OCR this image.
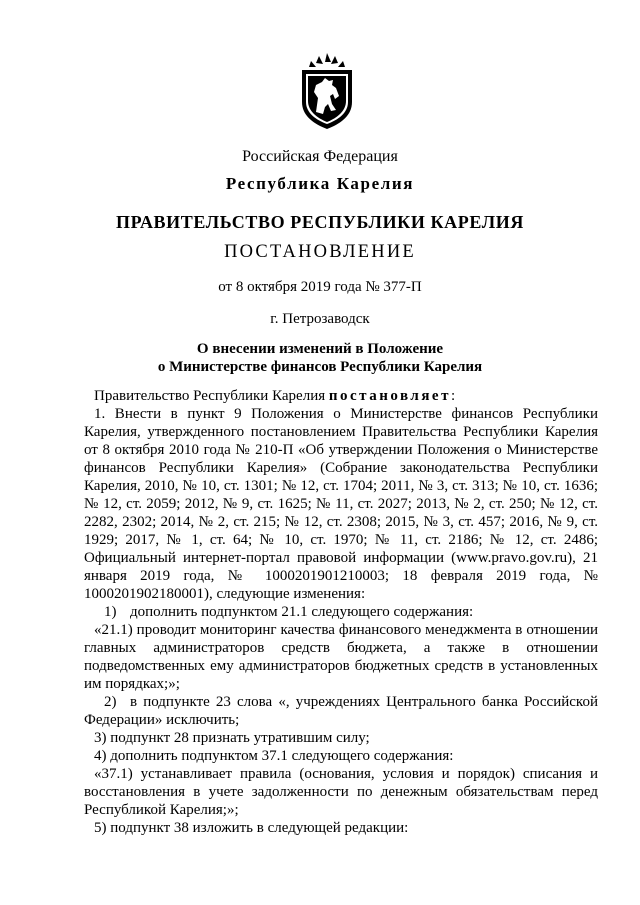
Российская Федерация
Республика Карелия
ПРАВИТЕЛЬСТВО РЕСПУБЛИКИ КАРЕЛИЯ
ПОСТАНОВЛЕНИЕ
от 8 октября 2019 года № 377-П
г. Петрозаводск
О внесении изменений в Положение
о Министерстве финансов Республики Карелия

Правительство Республики Карелия постановляет:

1. Внести в пункт 9 Положения о Министерстве финансов Республики Карелия, утвержденного постановлением Правительства Республики Карелия от 8 октября 2010 года № 210-П «Об утверждении Положения о Министерстве финансов Республики Карелия» (Собрание законодательства Республики Карелия, 2010, № 10, ст. 1301; № 12, ст. 1704; 2011, № 3, ст. 313; № 10, ст. 1636; № 12, ст. 2059; 2012, № 9, ст. 1625; № 11, ст. 2027; 2013, № 2, ст. 250; № 12, ст. 2282, 2302; 2014, № 2, ст. 215; № 12, ст. 2308; 2015, № 3, ст. 457; 2016, № 9, ст. 1929; 2017, № 1, ст. 64; № 10, ст. 1970; № 11, ст. 2186; № 12, ст. 2486; Официальный интернет-портал правовой информации (www.pravo.gov.ru), 21 января 2019 года, № 1000201901210003; 18 февраля 2019 года, № 1000201902180001), следующие изменения:

1) дополнить подпунктом 21.1 следующего содержания:

«21.1) проводит мониторинг качества финансового менеджмента в отношении главных администраторов средств бюджета, а также в отношении подведомственных ему администраторов бюджетных средств в установленных им порядках;»;

2) в подпункте 23 слова «, учреждениях Центрального банка Российской Федерации» исключить;

3) подпункт 28 признать утратившим силу;

4) дополнить подпунктом 37.1 следующего содержания:

«37.1) устанавливает правила (основания, условия и порядок) списания и восстановления в учете задолженности по денежным обязательствам перед Республикой Карелия;»;

5) подпункт 38 изложить в следующей редакции:
